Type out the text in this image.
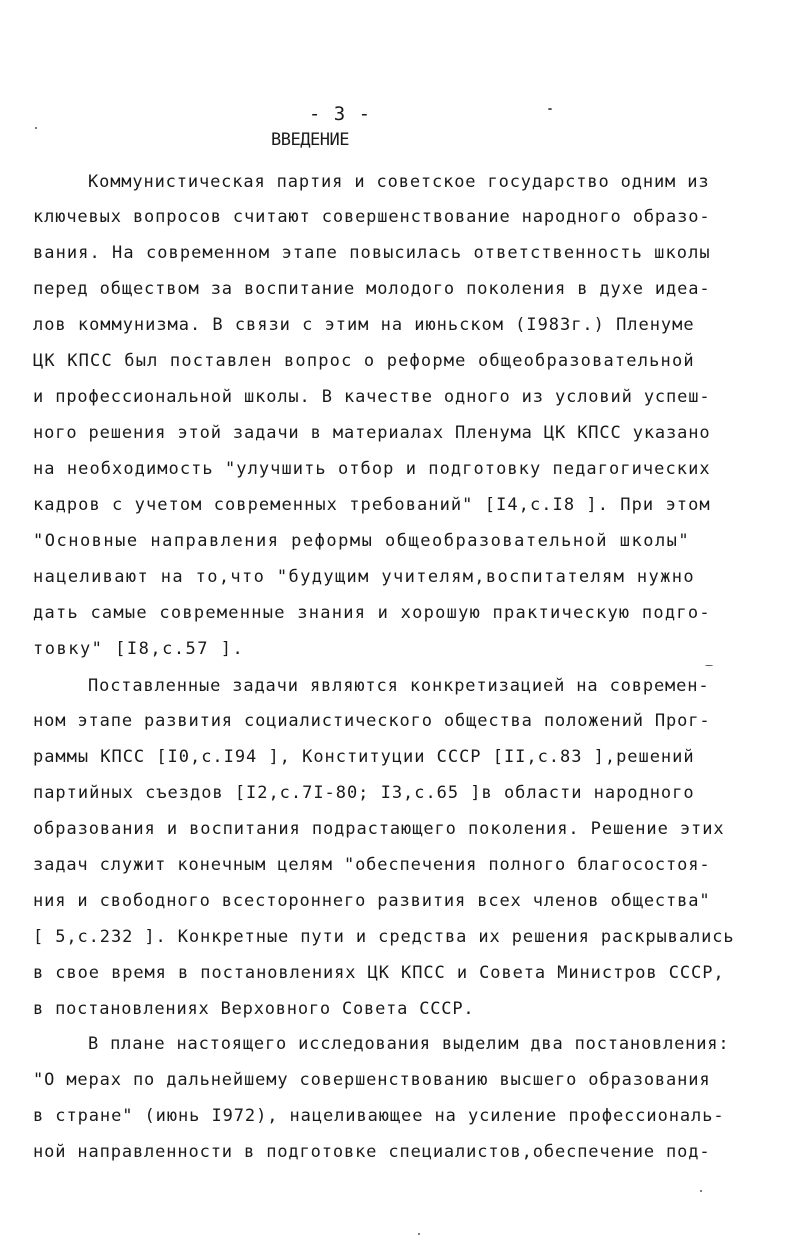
- 3 -
ВВЕДЕНИЕ
Коммунистическая партия и советское государство одним из
ключевых вопросов считают совершенствование народного образо-
вания. На современном этапе повысилась ответственность школы
перед обществом за воспитание молодого поколения в духе идеа-
лов коммунизма. В связи с этим на июньском (I983г.) Пленуме
ЦК КПСС был поставлен вопрос о реформе общеобразовательной
и профессиональной школы. В качестве одного из условий успеш-
ного решения этой задачи в материалах Пленума ЦК КПСС указано
на необходимость "улучшить отбор и подготовку педагогических
кадров с учетом современных требований" [I4,с.I8 ]. При этом
"Основные направления реформы общеобразовательной школы"
нацеливают на то,что "будущим учителям,воспитателям нужно
дать самые современные знания и хорошую практическую подго-
товку" [I8,с.57 ].
Поставленные задачи являются конкретизацией на современ-
ном этапе развития социалистического общества положений Прог-
раммы КПСС [I0,с.I94 ], Конституции СССР [II,с.83 ],решений
партийных съездов [I2,с.7I-80; I3,с.65 ]в области народного
образования и воспитания подрастающего поколения. Решение этих
задач служит конечным целям "обеспечения полного благосостоя-
ния и свободного всестороннего развития всех членов общества"
[ 5,с.232 ]. Конкретные пути и средства их решения раскрывались
в свое время в постановлениях ЦК КПСС и Совета Министров СССР,
в постановлениях Верховного Совета СССР.
В плане настоящего исследования выделим два постановления:
"О мерах по дальнейшему совершенствованию высшего образования
в стране" (июнь I972), нацеливающее на усиление профессиональ-
ной направленности в подготовке специалистов,обеспечение под-
